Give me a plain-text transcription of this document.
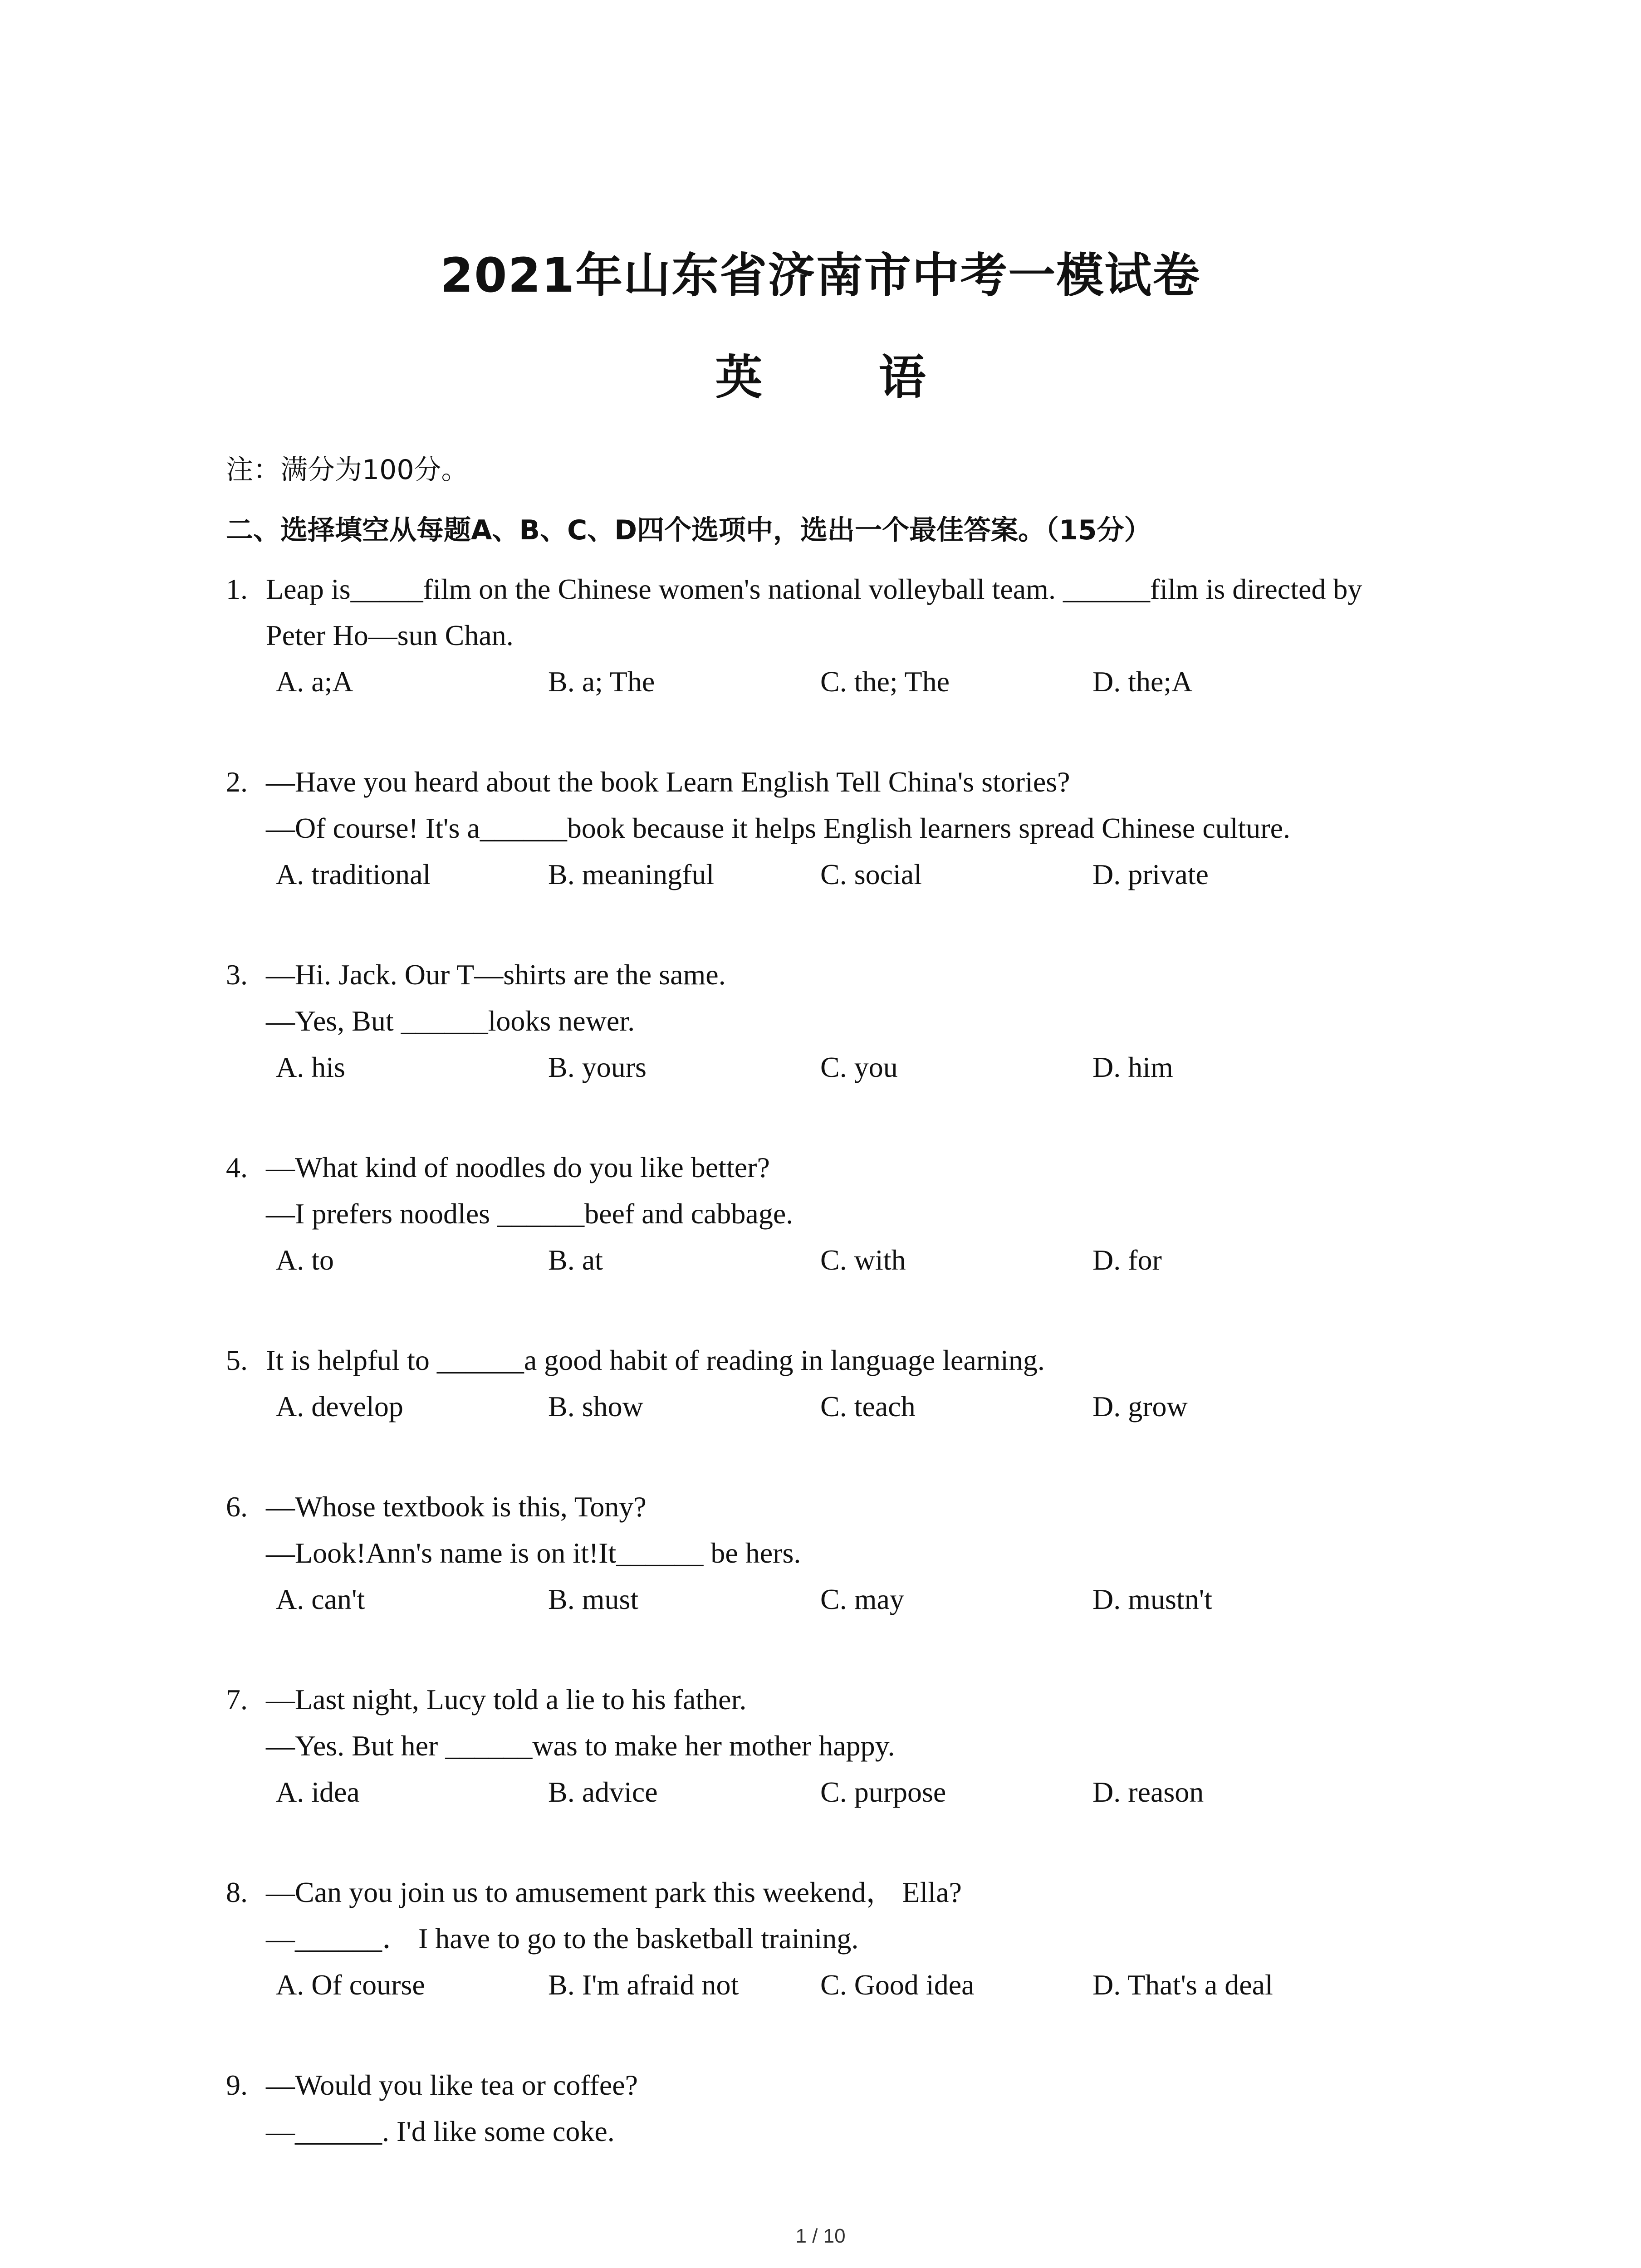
2021年山东省济南市中考一模试卷
英 语
注：满分为100分。
二、选择填空从每题A、B、C、D四个选项中，选出一个最佳答案。（15分）
1. Leap is_____film on the Chinese women's national volleyball team. ______film is directed by
Peter Ho—sun Chan.
A. a;A	B. a; The	C. the; The	D. the;A
2. —Have you heard about the book Learn English Tell China's stories?
—Of course! It's a______book because it helps English learners spread Chinese culture.
A. traditional	B. meaningful	C. social	D. private
3. —Hi. Jack. Our T—shirts are the same.
—Yes, But ______looks newer.
A. his	B. yours	C. you	D. him
4. —What kind of noodles do you like better?
—I prefers noodles ______beef and cabbage.
A. to	B. at	C. with	D. for
5. It is helpful to ______a good habit of reading in language learning.
A. develop	B. show	C. teach	D. grow
6. —Whose textbook is this, Tony?
—Look!Ann's name is on it!It______ be hers.
A. can't	B. must	C. may	D. mustn't
7. —Last night, Lucy told a lie to his father.
—Yes. But her ______was to make her mother happy.
A. idea	B. advice	C. purpose	D. reason
8. —Can you join us to amusement park this weekend， Ella?
—______． I have to go to the basketball training.
A. Of course	B. I'm afraid not	C. Good idea	D. That's a deal
9. —Would you like tea or coffee?
—______. I'd like some coke.
1 / 10
